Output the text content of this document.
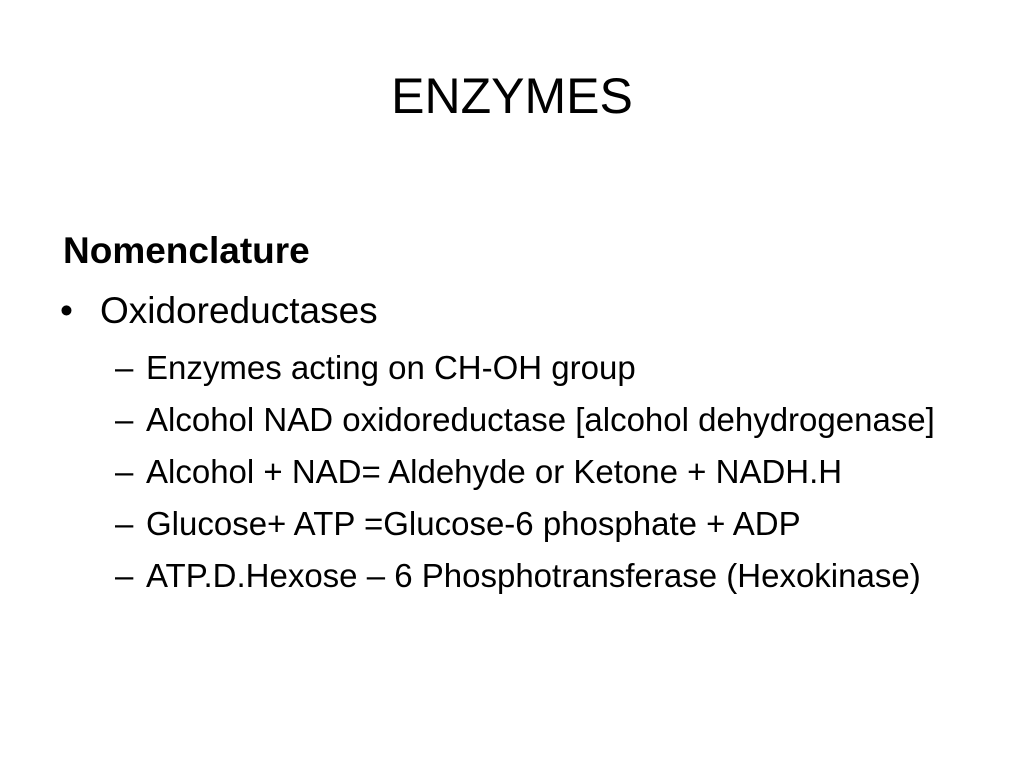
ENZYMES
Nomenclature
• Oxidoreductases
– Enzymes acting on CH-OH group
– Alcohol NAD oxidoreductase [alcohol dehydrogenase]
– Alcohol + NAD= Aldehyde or Ketone + NADH.H
– Glucose+ ATP =Glucose-6 phosphate + ADP
– ATP.D.Hexose – 6 Phosphotransferase (Hexokinase)
